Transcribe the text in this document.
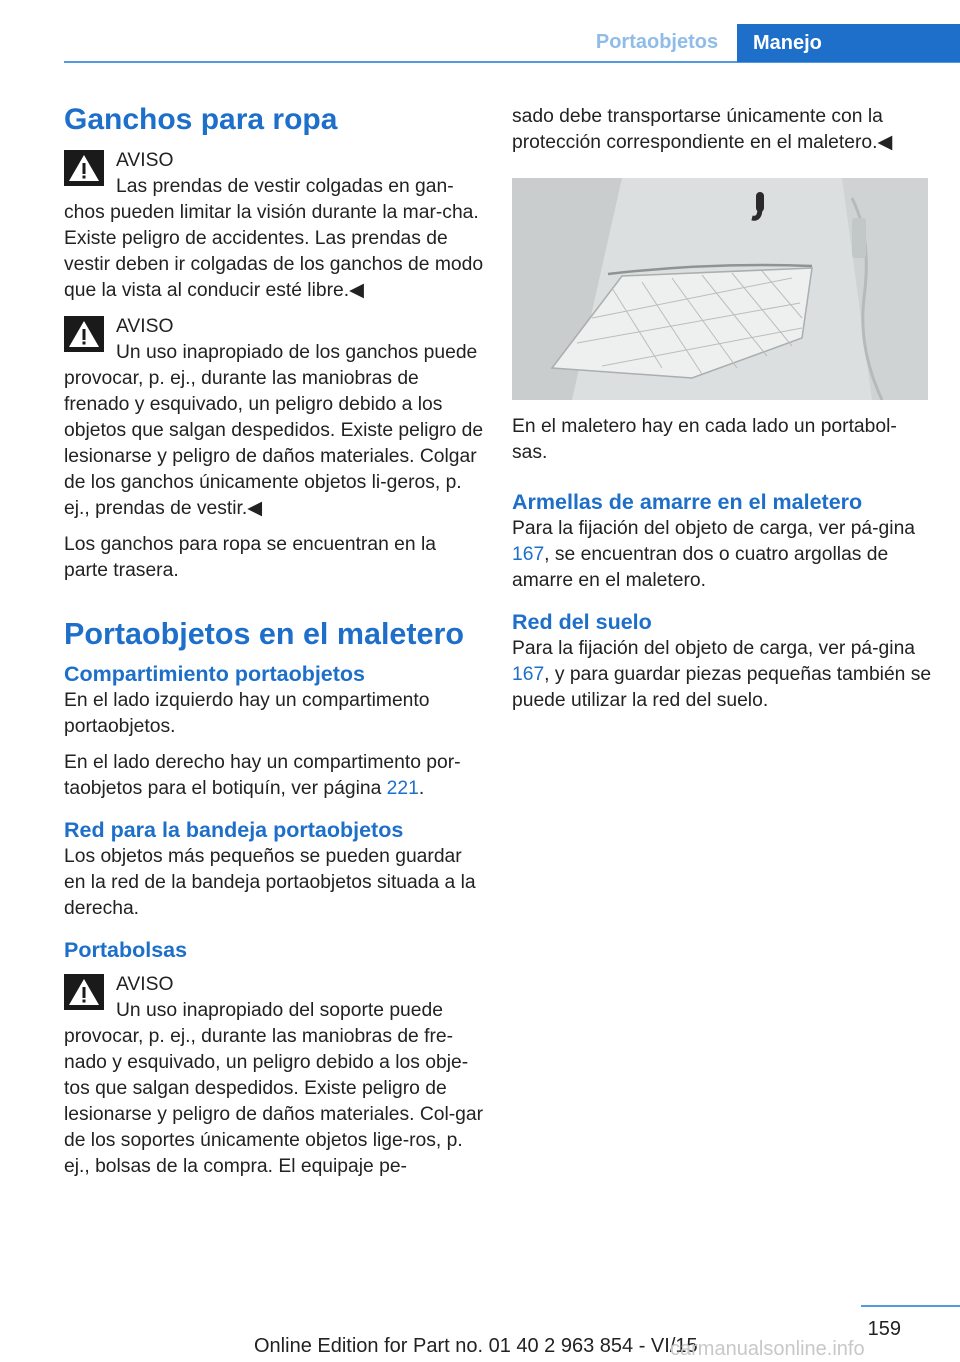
Portaobjetos	Manejo
Ganchos para ropa
AVISO

Las prendas de vestir colgadas en gan-chos pueden limitar la visión durante la mar-cha. Existe peligro de accidentes. Las prendas de vestir deben ir colgadas de los ganchos de modo que la vista al conducir esté libre.◀

AVISO

Un uso inapropiado de los ganchos puede provocar, p. ej., durante las maniobras de frenado y esquivado, un peligro debido a los objetos que salgan despedidos. Existe peligro de lesionarse y peligro de daños materiales. Colgar de los ganchos únicamente objetos li-geros, p. ej., prendas de vestir.◀

Los ganchos para ropa se encuentran en la parte trasera.

Portaobjetos en el maletero
Compartimiento portaobjetos

En el lado izquierdo hay un compartimento portaobjetos.

En el lado derecho hay un compartimento por-taobjetos para el botiquín, ver página 221.

Red para la bandeja portaobjetos

Los objetos más pequeños se pueden guardar en la red de la bandeja portaobjetos situada a la derecha.

Portabolsas
AVISO

Un uso inapropiado del soporte puede provocar, p. ej., durante las maniobras de fre-nado y esquivado, un peligro debido a los obje-tos que salgan despedidos. Existe peligro de lesionarse y peligro de daños materiales. Col-gar de los soportes únicamente objetos lige-ros, p. ej., bolsas de la compra. El equipaje pe-

sado debe transportarse únicamente con la protección correspondiente en el maletero.◀

En el maletero hay en cada lado un portabol-sas.

Armellas de amarre en el maletero

Para la fijación del objeto de carga, ver pá-gina 167, se encuentran dos o cuatro argollas de amarre en el maletero.

Red del suelo

Para la fijación del objeto de carga, ver pá-gina 167, y para guardar piezas pequeñas también se puede utilizar la red del suelo.

159
Online Edition for Part no. 01 40 2 963 854 - VI/15
carmanualsonline.info
